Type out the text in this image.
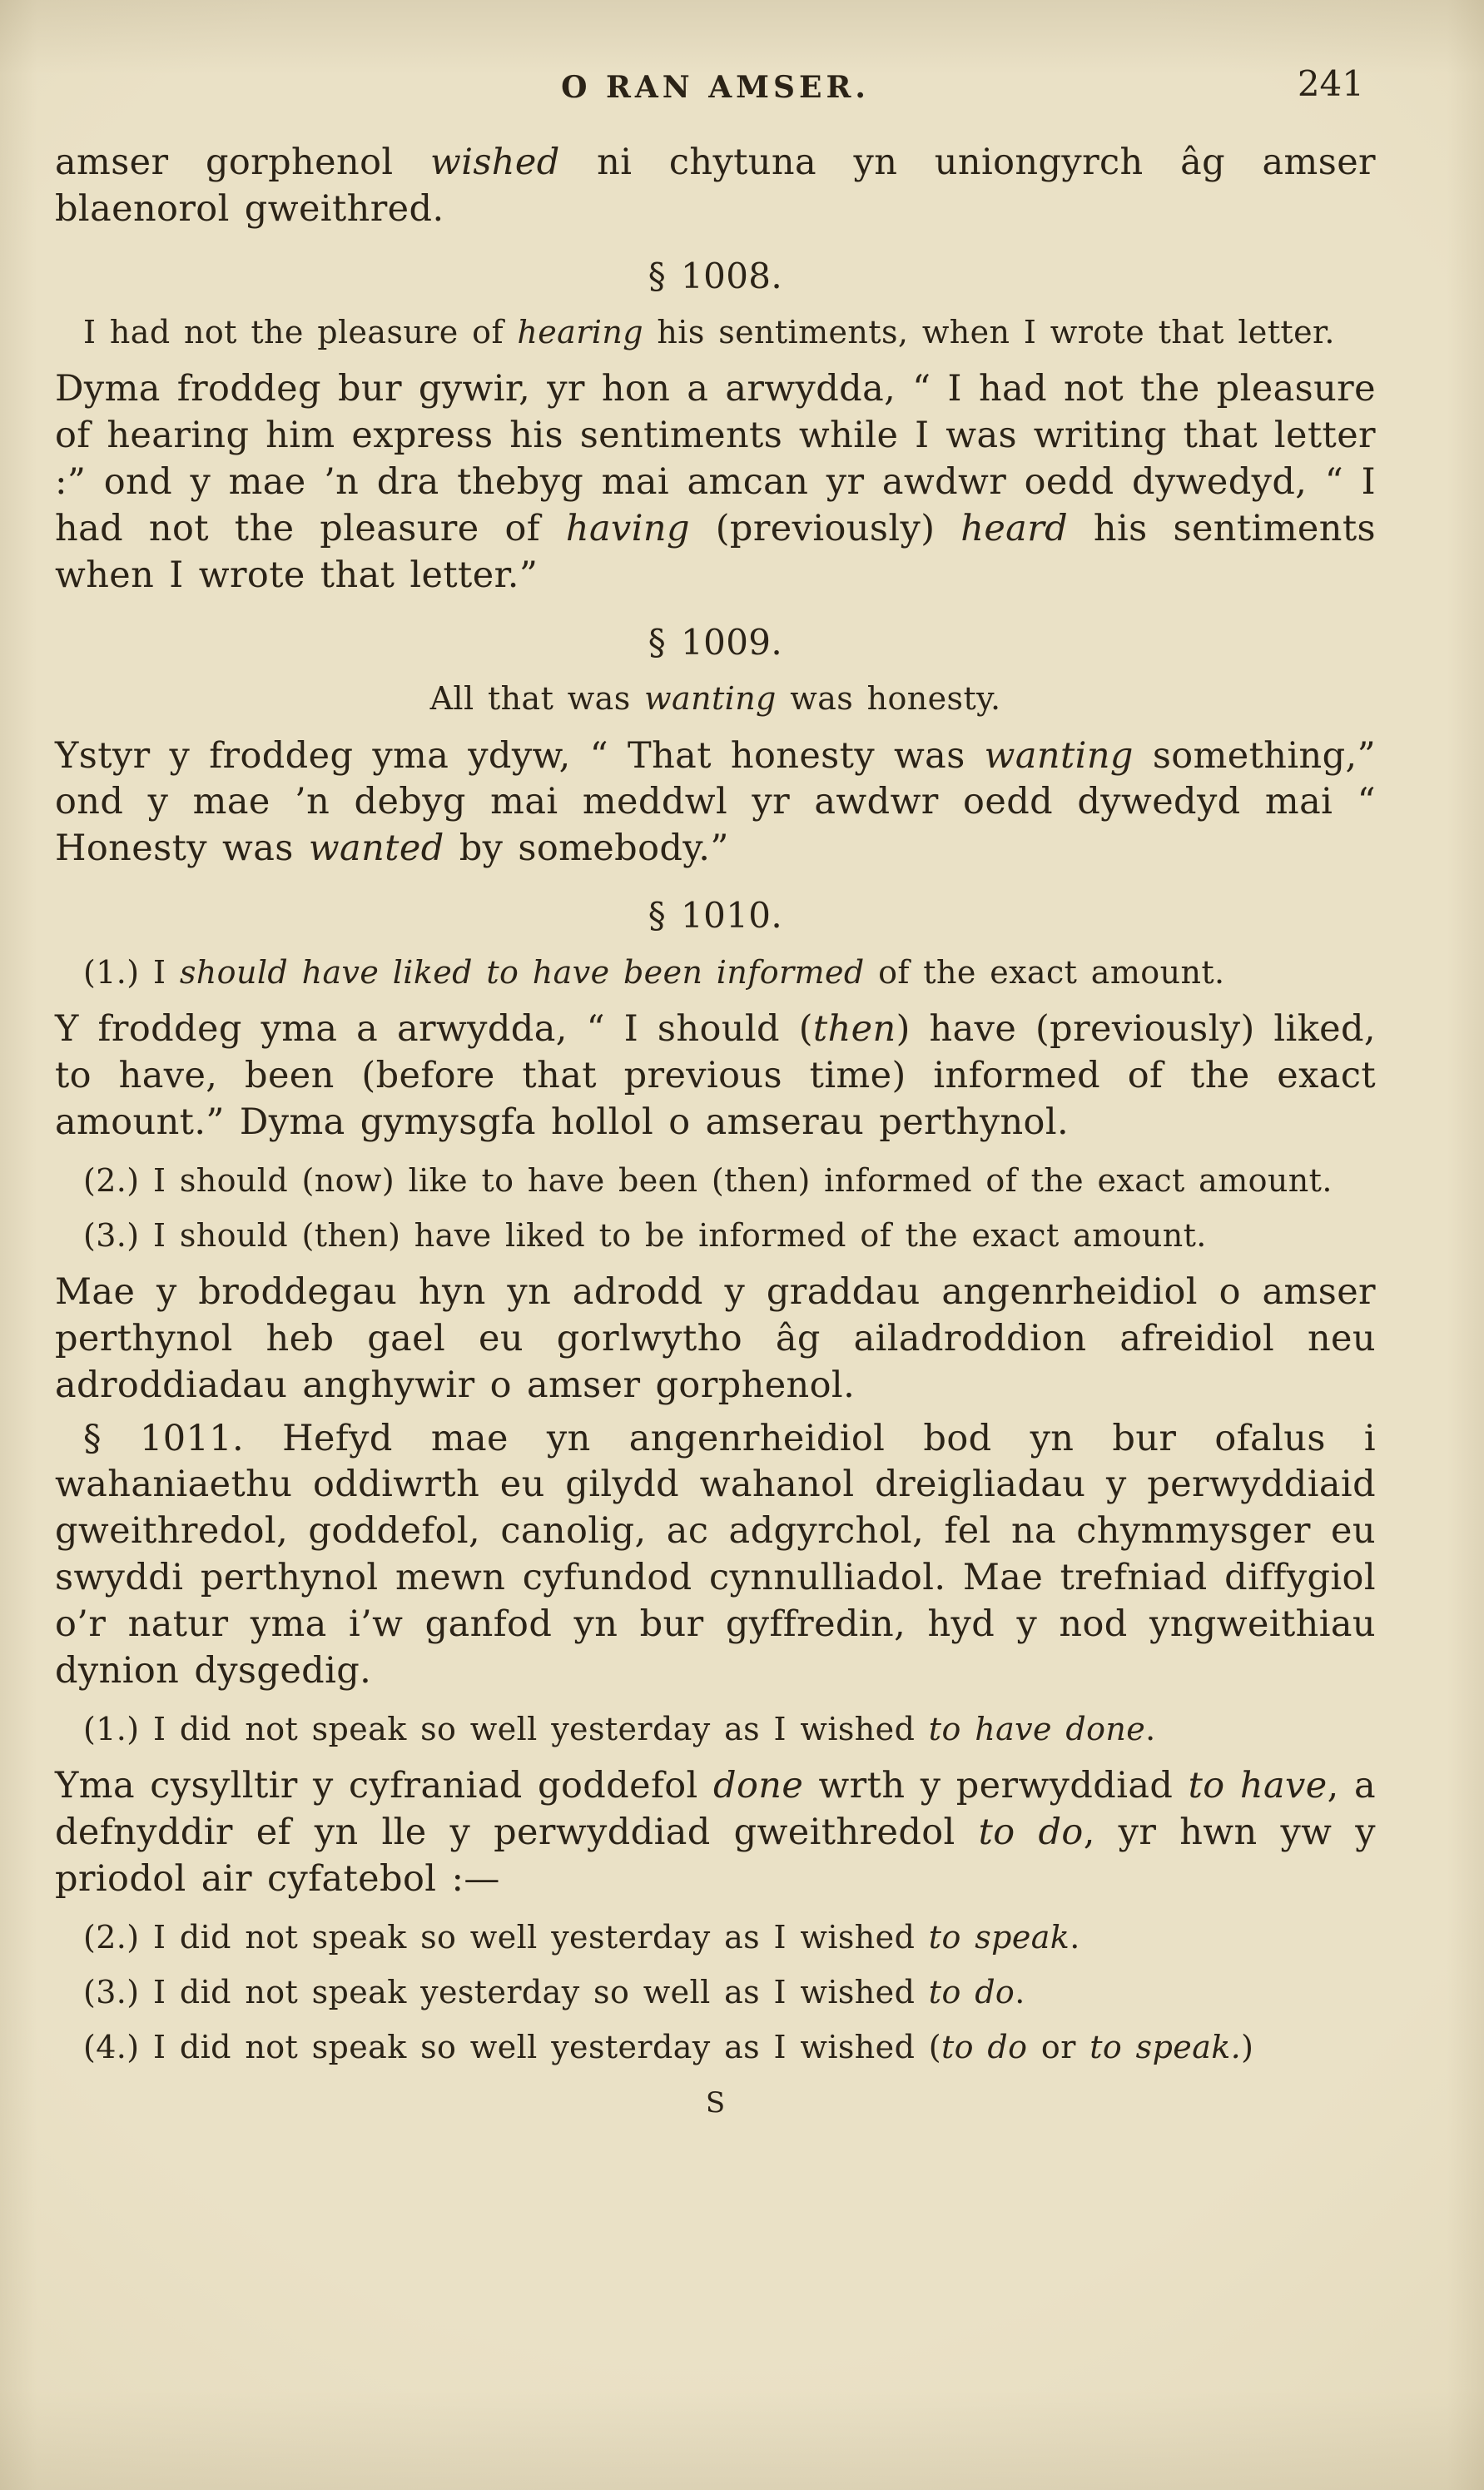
O RAN AMSER.	241

amser gorphenol wished ni chytuna yn uniongyrch âg amser blaenorol gweithred.

§ 1008.

I had not the pleasure of hearing his sentiments, when I wrote that letter.

Dyma froddeg bur gywir, yr hon a arwydda, “ I had not the pleasure of hearing him express his sentiments while I was writing that letter :” ond y mae ’n dra thebyg mai amcan yr awdwr oedd dywedyd, “ I had not the pleasure of having (previously) heard his sentiments when I wrote that letter.”

§ 1009.

All that was wanting was honesty.

Ystyr y froddeg yma ydyw, “ That honesty was wanting something,” ond y mae ’n debyg mai meddwl yr awdwr oedd dywedyd mai “ Honesty was wanted by somebody.”

§ 1010.

(1.) I should have liked to have been informed of the exact amount.

Y froddeg yma a arwydda, “ I should (then) have (previously) liked, to have, been (before that previous time) informed of the exact amount.” Dyma gymysgfa hollol o amserau perthynol.

(2.) I should (now) like to have been (then) informed of the exact amount.

(3.) I should (then) have liked to be informed of the exact amount.

Mae y broddegau hyn yn adrodd y graddau angenrheidiol o amser perthynol heb gael eu gorlwytho âg ailadroddion afreidiol neu adroddiadau anghywir o amser gorphenol.

§ 1011. Hefyd mae yn angenrheidiol bod yn bur ofalus i wahaniaethu oddiwrth eu gilydd wahanol dreigliadau y perwyddiaid gweithredol, goddefol, canolig, ac adgyrchol, fel na chymmysger eu swyddi perthynol mewn cyfundod cynnulliadol. Mae trefniad diffygiol o’r natur yma i’w ganfod yn bur gyffredin, hyd y nod yngweithiau dynion dysgedig.

(1.) I did not speak so well yesterday as I wished to have done.

Yma cysylltir y cyfraniad goddefol done wrth y perwyddiad to have, a defnyddir ef yn lle y perwyddiad gweithredol to do, yr hwn yw y priodol air cyfatebol :—

(2.) I did not speak so well yesterday as I wished to speak.

(3.) I did not speak yesterday so well as I wished to do.

(4.) I did not speak so well yesterday as I wished (to do or to speak.)

S
